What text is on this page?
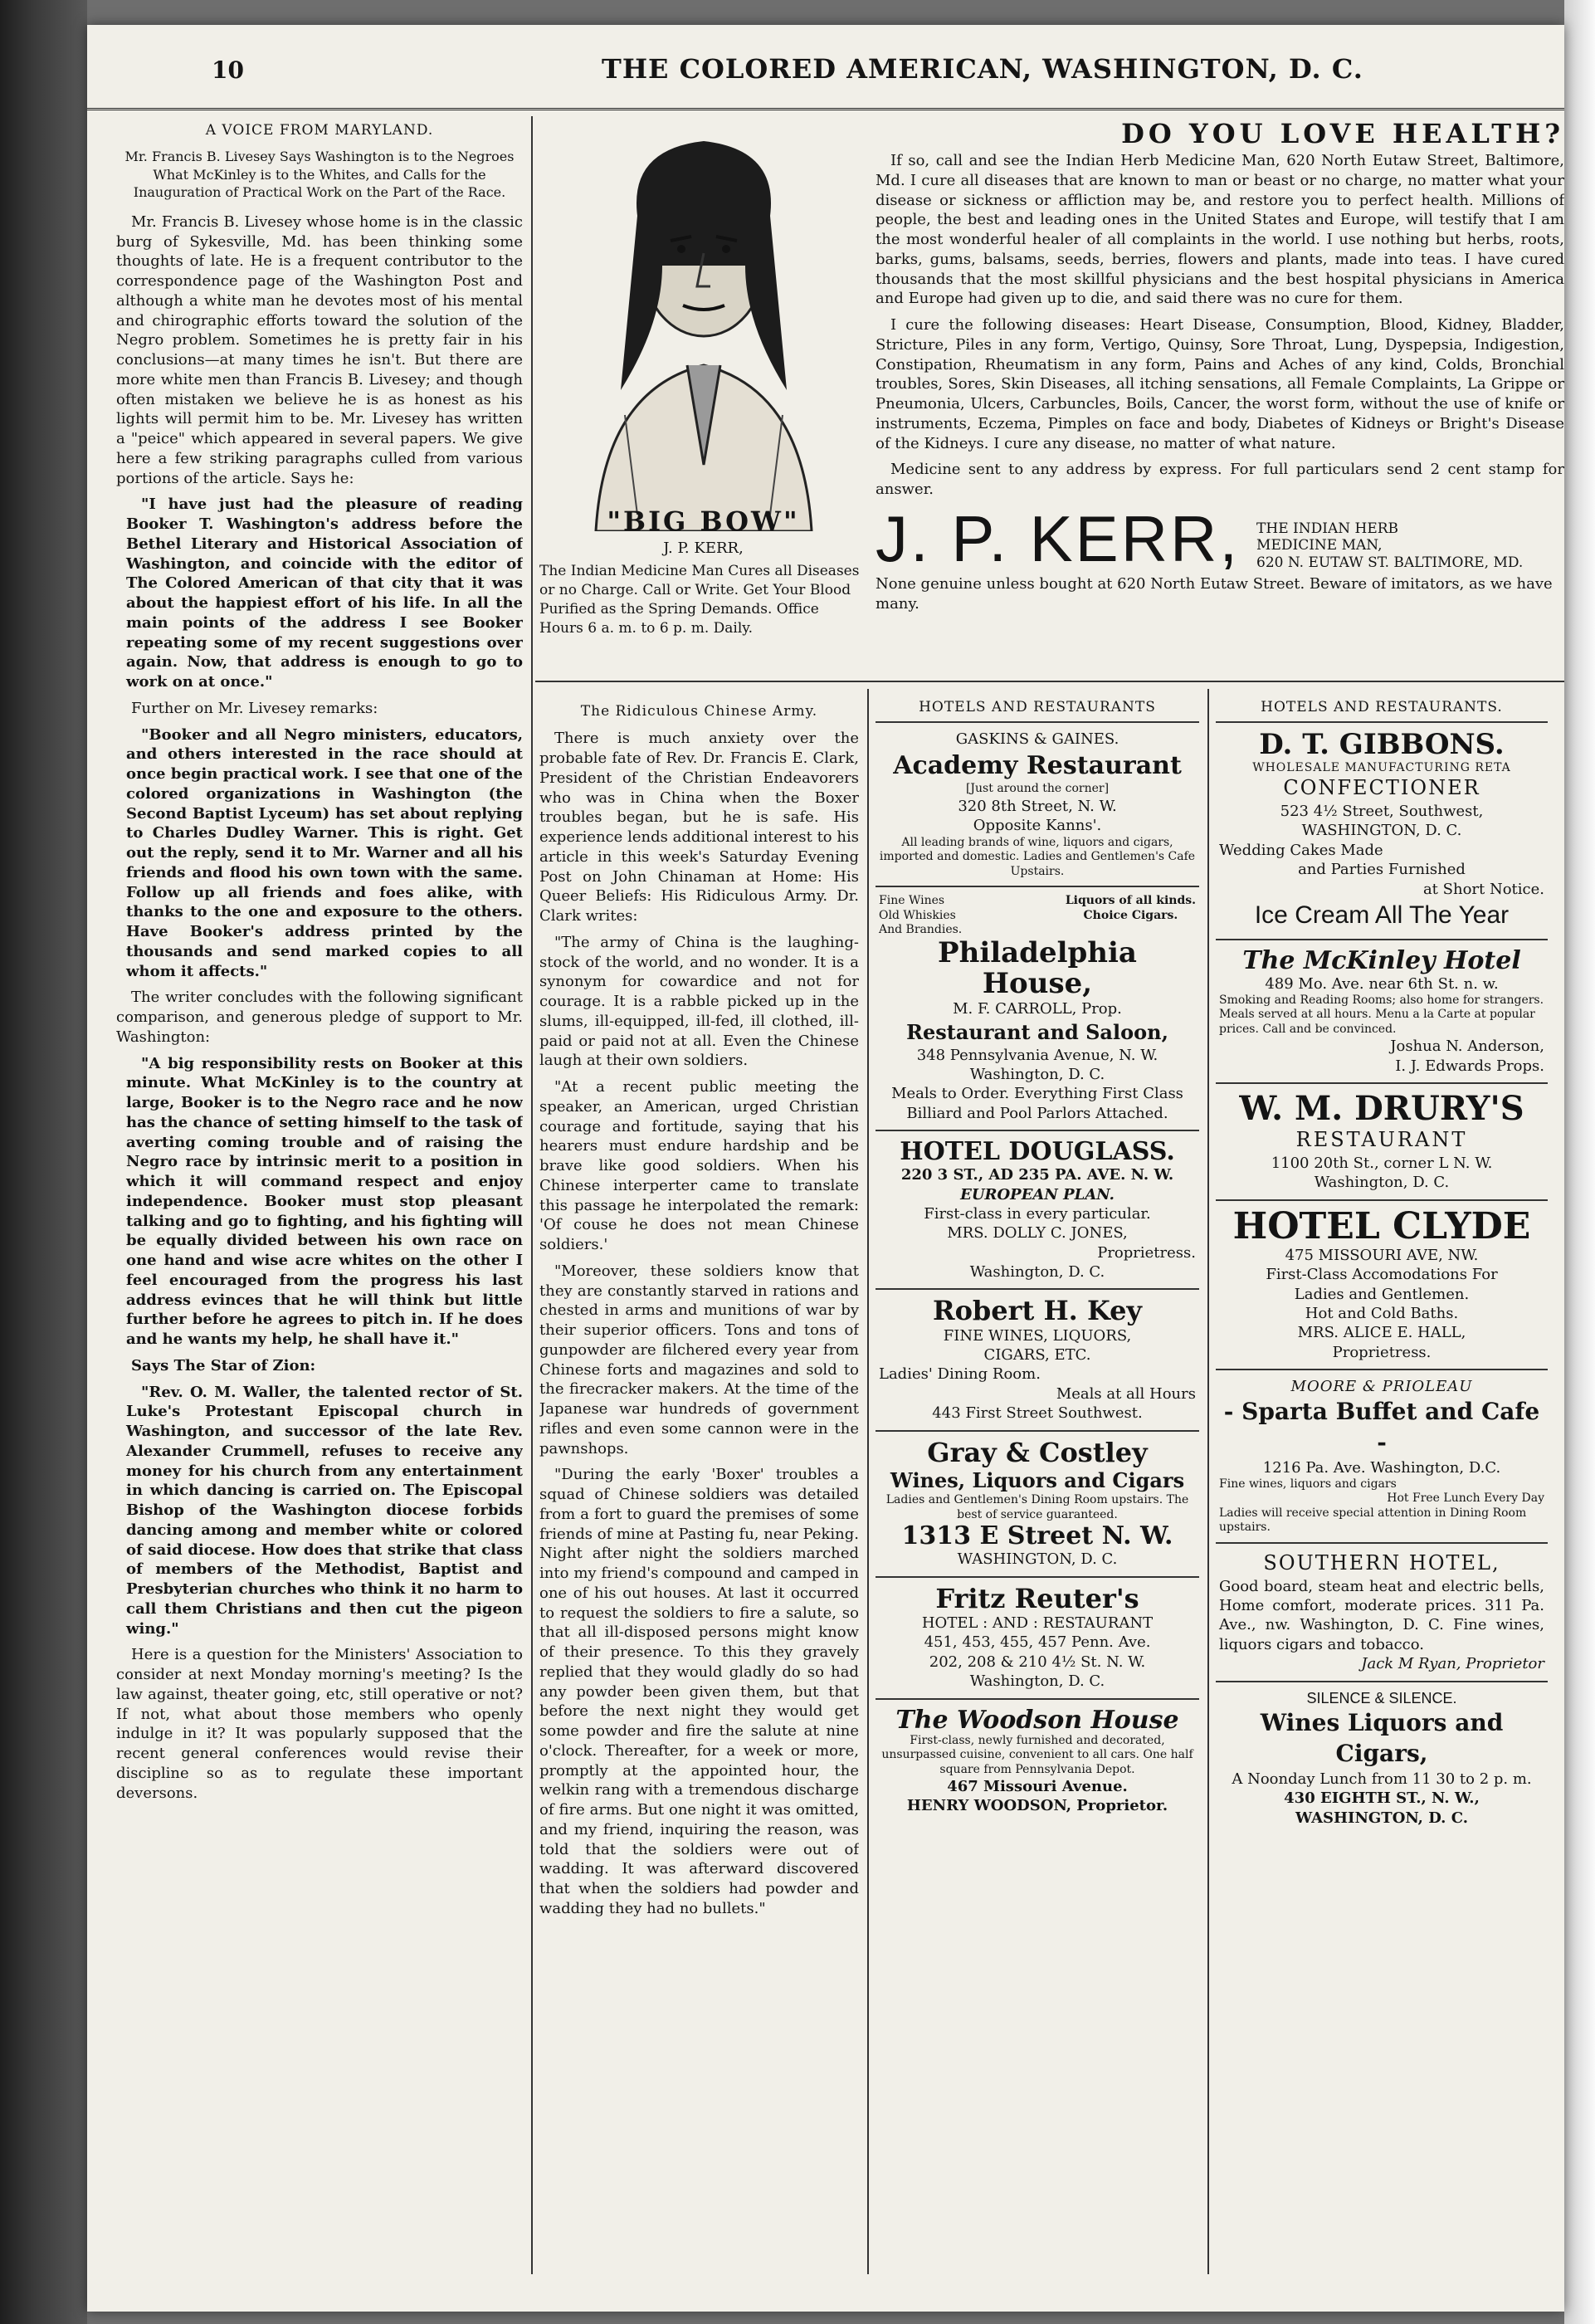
10	THE COLORED AMERICAN, WASHINGTON, D. C.
A VOICE FROM MARYLAND.
Mr. Francis B. Livesey Says Washington is to the Negroes What McKinley is to the Whites, and Calls for the Inauguration of Practical Work on the Part of the Race.

Mr. Francis B. Livesey whose home is in the classic burg of Sykesville, Md. has been thinking some thoughts of late. He is a frequent contributor to the correspondence page of the Washington Post and although a white man he devotes most of his mental and chirographic efforts toward the solution of the Negro problem. Sometimes he is pretty fair in his conclusions—at many times he isn't. But there are more white men than Francis B. Livesey; and though often mistaken we believe he is as honest as his lights will permit him to be. Mr. Livesey has written a "peice" which appeared in several papers. We give here a few striking paragraphs culled from various portions of the article. Says he:

"I have just had the pleasure of reading Booker T. Washington's address before the Bethel Literary and Historical Association of Washington, and coincide with the editor of The Colored American of that city that it was about the happiest effort of his life. In all the main points of the address I see Booker repeating some of my recent suggestions over again. Now, that address is enough to go to work on at once."

Further on Mr. Livesey remarks:

"Booker and all Negro ministers, educators, and others interested in the race should at once begin practical work. I see that one of the colored organizations in Washington (the Second Baptist Lyceum) has set about replying to Charles Dudley Warner. This is right. Get out the reply, send it to Mr. Warner and all his friends and flood his own town with the same. Follow up all friends and foes alike, with thanks to the one and exposure to the others. Have Booker's address printed by the thousands and send marked copies to all whom it affects."

The writer concludes with the following significant comparison, and generous pledge of support to Mr. Washington:

"A big responsibility rests on Booker at this minute. What McKinley is to the country at large, Booker is to the Negro race and he now has the chance of setting himself to the task of averting coming trouble and of raising the Negro race by intrinsic merit to a position in which it will command respect and enjoy independence. Booker must stop pleasant talking and go to fighting, and his fighting will be equally divided between his own race on one hand and wise acre whites on the other I feel encouraged from the progress his last address evinces that he will think but little further before he agrees to pitch in. If he does and he wants my help, he shall have it."

Says The Star of Zion:

"Rev. O. M. Waller, the talented rector of St. Luke's Protestant Episcopal church in Washington, and successor of the late Rev. Alexander Crummell, refuses to receive any money for his church from any entertainment in which dancing is carried on. The Episcopal Bishop of the Washington diocese forbids dancing among and member white or colored of said diocese. How does that strike that class of members of the Methodist, Baptist and Presbyterian churches who think it no harm to call them Christians and then cut the pigeon wing."

Here is a question for the Ministers' Association to consider at next Monday morning's meeting? Is the law against, theater going, etc, still operative or not? If not, what about those members who openly indulge in it? It was popularly supposed that the recent general conferences would revise their discipline so as to regulate these important deversons.

"BIG BOW"
J. P. KERR,
The Indian Medicine Man Cures all Diseases or no Charge. Call or Write. Get Your Blood Purified as the Spring Demands. Office Hours 6 a. m. to 6 p. m. Daily.
DO YOU LOVE HEALTH?

If so, call and see the Indian Herb Medicine Man, 620 North Eutaw Street, Baltimore, Md. I cure all diseases that are known to man or beast or no charge, no matter what your disease or sickness or affliction may be, and restore you to perfect health. Millions of people, the best and leading ones in the United States and Europe, will testify that I am the most wonderful healer of all complaints in the world. I use nothing but herbs, roots, barks, gums, balsams, seeds, berries, flowers and plants, made into teas. I have cured thousands that the most skillful physicians and the best hospital physicians in America and Europe had given up to die, and said there was no cure for them.

I cure the following diseases: Heart Disease, Consumption, Blood, Kidney, Bladder, Stricture, Piles in any form, Vertigo, Quinsy, Sore Throat, Lung, Dyspepsia, Indigestion, Constipation, Rheumatism in any form, Pains and Aches of any kind, Colds, Bronchial troubles, Sores, Skin Diseases, all itching sensations, all Female Complaints, La Grippe or Pneumonia, Ulcers, Carbuncles, Boils, Cancer, the worst form, without the use of knife or instruments, Eczema, Pimples on face and body, Diabetes of Kidneys or Bright's Disease of the Kidneys. I cure any disease, no matter of what nature.

Medicine sent to any address by express. For full particulars send 2 cent stamp for answer.

J. P. KERR, THE INDIAN HERB
MEDICINE MAN,
620 N. EUTAW ST. BALTIMORE, MD.
None genuine unless bought at 620 North Eutaw Street. Beware of imitators, as we have many.
The Ridiculous Chinese Army.

There is much anxiety over the probable fate of Rev. Dr. Francis E. Clark, President of the Christian Endeavorers who was in China when the Boxer troubles began, but he is safe. His experience lends additional interest to his article in this week's Saturday Evening Post on John Chinaman at Home: His Queer Beliefs: His Ridiculous Army. Dr. Clark writes:

"The army of China is the laughing-stock of the world, and no wonder. It is a synonym for cowardice and not for courage. It is a rabble picked up in the slums, ill-equipped, ill-fed, ill clothed, ill-paid or paid not at all. Even the Chinese laugh at their own soldiers.

"At a recent public meeting the speaker, an American, urged Christian courage and fortitude, saying that his hearers must endure hardship and be brave like good soldiers. When his Chinese interperter came to translate this passage he interpolated the remark: 'Of couse he does not mean Chinese soldiers.'

"Moreover, these soldiers know that they are constantly starved in rations and chested in arms and munitions of war by their superior officers. Tons and tons of gunpowder are filchered every year from Chinese forts and magazines and sold to the firecracker makers. At the time of the Japanese war hundreds of government rifles and even some cannon were in the pawnshops.

"During the early 'Boxer' troubles a squad of Chinese soldiers was detailed from a fort to guard the premises of some friends of mine at Pasting fu, near Peking. Night after night the soldiers marched into my friend's compound and camped in one of his out houses. At last it occurred to request the soldiers to fire a salute, so that all ill-disposed persons might know of their presence. To this they gravely replied that they would gladly do so had any powder been given them, but that before the next night they would get some powder and fire the salute at nine o'clock. Thereafter, for a week or more, promptly at the appointed hour, the welkin rang with a tremendous discharge of fire arms. But one night it was omitted, and my friend, inquiring the reason, was told that the soldiers were out of wadding. It was afterward discovered that when the soldiers had powder and wadding they had no bullets."

HOTELS AND RESTAURANTS
GASKINS & GAINES.
Academy Restaurant
[Just around the corner]
320 8th Street, N. W.
Opposite Kanns'.
All leading brands of wine, liquors and cigars, imported and domestic. Ladies and Gentlemen's Cafe Upstairs.
Fine Wines
Old Whiskies
And Brandies.
Liquors of all kinds.
Choice Cigars.
Philadelphia House,
M. F. CARROLL, Prop.
Restaurant and Saloon,
348 Pennsylvania Avenue, N. W.
Washington, D. C.
Meals to Order. Everything First Class
Billiard and Pool Parlors Attached.
HOTEL DOUGLASS.
220 3 ST., AD 235 PA. AVE. N. W.
EUROPEAN PLAN.
First-class in every particular.
MRS. DOLLY C. JONES,
Proprietress.
Washington, D. C.
Robert H. Key
FINE WINES, LIQUORS,
CIGARS, ETC.
Ladies' Dining Room.
Meals at all Hours
443 First Street Southwest.
Gray & Costley
Wines, Liquors and Cigars
Ladies and Gentlemen's Dining Room upstairs. The best of service guaranteed.
1313 E Street N. W.
WASHINGTON, D. C.
Fritz Reuter's
HOTEL : AND : RESTAURANT
451, 453, 455, 457 Penn. Ave.
202, 208 & 210 4½ St. N. W.
Washington, D. C.
The Woodson House
First-class, newly furnished and decorated, unsurpassed cuisine, convenient to all cars. One half square from Pennsylvania Depot.
467 Missouri Avenue.
HENRY WOODSON, Proprietor.
HOTELS AND RESTAURANTS.
D. T. GIBBONS.
WHOLESALE MANUFACTURING RETA
CONFECTIONER
523 4½ Street, Southwest,
WASHINGTON, D. C.
Wedding Cakes Made
and Parties Furnished
at Short Notice.
Ice Cream All The Year
The McKinley Hotel
489 Mo. Ave. near 6th St. n. w.
Smoking and Reading Rooms; also home for strangers. Meals served at all hours. Menu a la Carte at popular prices. Call and be convinced.
Joshua N. Anderson,
I. J. Edwards Props.
W. M. DRURY'S
RESTAURANT
1100 20th St., corner L N. W.
Washington, D. C.
HOTEL CLYDE
475 MISSOURI AVE, NW.
First-Class Accomodations For
Ladies and Gentlemen.
Hot and Cold Baths.
MRS. ALICE E. HALL,
Proprietress.
MOORE & PRIOLEAU
- Sparta Buffet and Cafe -
1216 Pa. Ave. Washington, D.C.
Fine wines, liquors and cigars
Hot Free Lunch Every Day
Ladies will receive special attention in Dining Room upstairs.
SOUTHERN HOTEL,
Good board, steam heat and electric bells, Home comfort, moderate prices. 311 Pa. Ave., nw. Washington, D. C. Fine wines, liquors cigars and tobacco.
Jack M Ryan, Proprietor
SILENCE & SILENCE.
Wines Liquors and Cigars,
A Noonday Lunch from 11 30 to 2 p. m.
430 EIGHTH ST., N. W.,
WASHINGTON, D. C.
